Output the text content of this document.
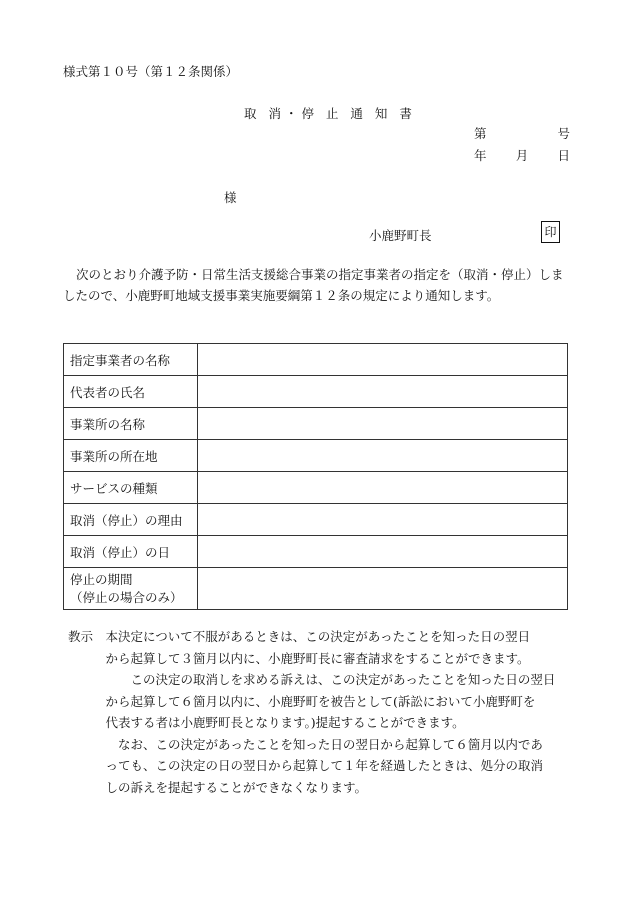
様式第１０号（第１２条関係）
取 消・停 止 通 知 書
第	号
年 月 日
様
小鹿野町長	印
次のとおり介護予防・日常生活支援総合事業の指定事業者の指定を（取消・停止）しましたので、小鹿野町地域支援事業実施要綱第１２条の規定により通知します。
指定事業者の名称	
代表者の氏名	
事業所の名称	
事業所の所在地	
サービスの種類	
取消（停止）の理由	
取消（停止）の日	

停止の期間
（停止の場合のみ）	

教示　本決定について不服があるときは、この決定があったことを知った日の翌日
　　　から起算して３箇月以内に、小鹿野町長に審査請求をすることができます。
　　　　　この決定の取消しを求める訴えは、この決定があったことを知った日の翌日
　　　から起算して６箇月以内に、小鹿野町を被告として(訴訟において小鹿野町を
　　　代表する者は小鹿野町長となります。)提起することができます。
　　　　なお、この決定があったことを知った日の翌日から起算して６箇月以内であ
　　　っても、この決定の日の翌日から起算して１年を経過したときは、処分の取消
　　　しの訴えを提起することができなくなります。
